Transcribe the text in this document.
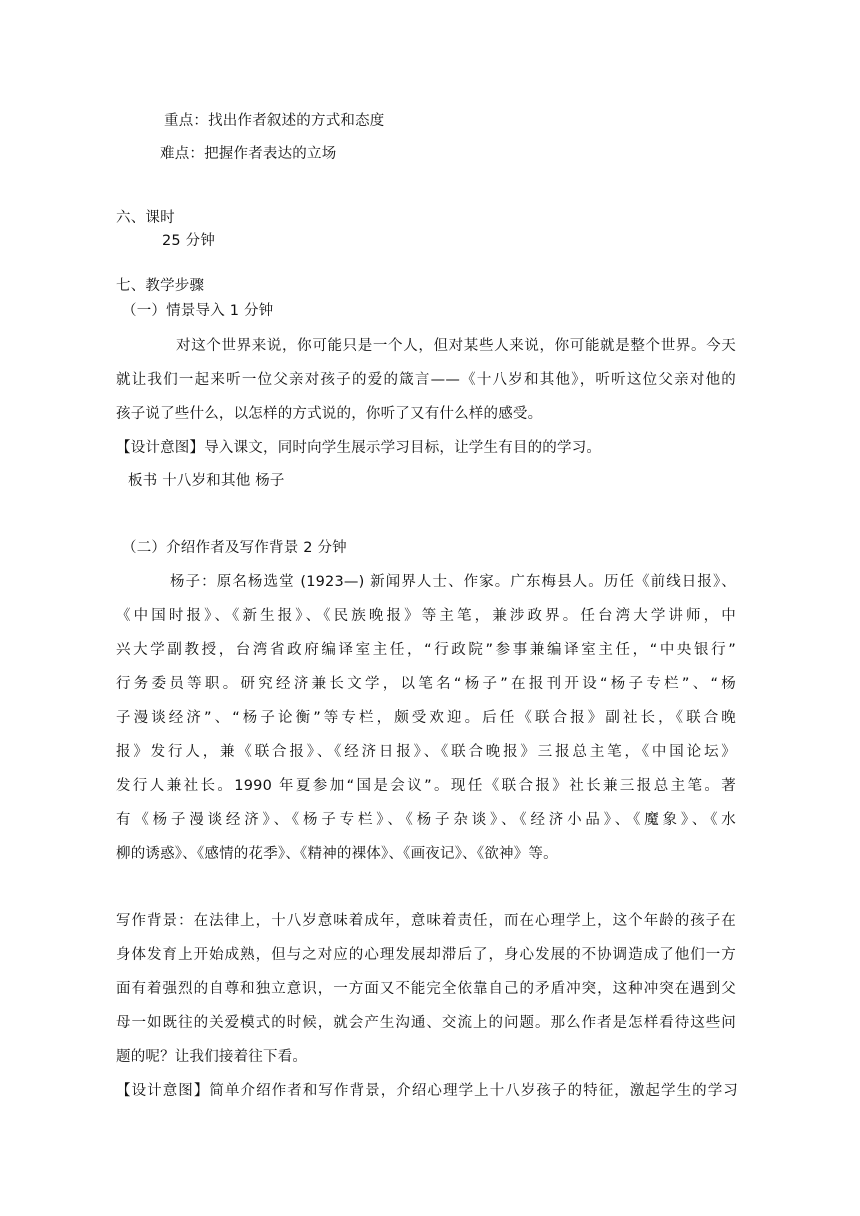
重点：找出作者叙述的方式和态度
难点：把握作者表达的立场
六、课时
25 分钟
七、教学步骤
（一）情景导入 1 分钟
对这个世界来说，你可能只是一个人，但对某些人来说，你可能就是整个世界。今天
就让我们一起来听一位父亲对孩子的爱的箴言——《十八岁和其他》，听听这位父亲对他的
孩子说了些什么，以怎样的方式说的，你听了又有什么样的感受。
【设计意图】导入课文，同时向学生展示学习目标，让学生有目的的学习。
板书 十八岁和其他 杨子
（二）介绍作者及写作背景 2 分钟
杨子：原名杨选堂 (1923—) 新闻界人士、作家。广东梅县人。历任《前线日报》、
《中国时报》、《新生报》、《民族晚报》等主笔，兼涉政界。任台湾大学讲师，中
兴大学副教授，台湾省政府编译室主任，“行政院”参事兼编译室主任，“中央银行”
行务委员等职。研究经济兼长文学，以笔名“杨子”在报刊开设“杨子专栏”、“杨
子漫谈经济”、“杨子论衡”等专栏，颇受欢迎。后任《联合报》副社长，《联合晚
报》发行人，兼《联合报》、《经济日报》、《联合晚报》三报总主笔，《中国论坛》
发行人兼社长。1990 年夏参加“国是会议”。现任《联合报》社长兼三报总主笔。著
有《杨子漫谈经济》、《杨子专栏》、《杨子杂谈》、《经济小品》、《魔象》、《水
柳的诱惑》、《感情的花季》、《精神的裸体》、《画夜记》、《欲神》等。
写作背景：在法律上，十八岁意味着成年，意味着责任，而在心理学上，这个年龄的孩子在
身体发育上开始成熟，但与之对应的心理发展却滞后了，身心发展的不协调造成了他们一方
面有着强烈的自尊和独立意识，一方面又不能完全依靠自己的矛盾冲突，这种冲突在遇到父
母一如既往的关爱模式的时候，就会产生沟通、交流上的问题。那么作者是怎样看待这些问
题的呢？让我们接着往下看。
【设计意图】简单介绍作者和写作背景，介绍心理学上十八岁孩子的特征，激起学生的学习
